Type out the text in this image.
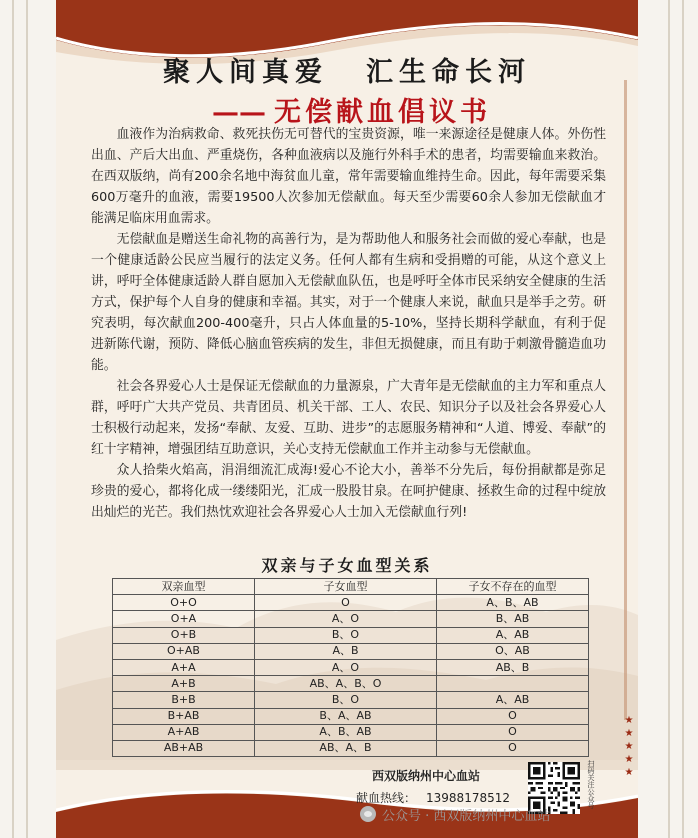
聚人间真爱 汇生命长河
—— 无偿献血倡议书

血液作为治病救命、救死扶伤无可替代的宝贵资源，唯一来源途径是健康人体。外伤性出血、产后大出血、严重烧伤，各种血液病以及施行外科手术的患者，均需要输血来救治。在西双版纳，尚有200余名地中海贫血儿童，常年需要输血维持生命。因此，每年需要采集600万毫升的血液，需要19500人次参加无偿献血。每天至少需要60余人参加无偿献血才能满足临床用血需求。

无偿献血是赠送生命礼物的高善行为，是为帮助他人和服务社会而做的爱心奉献，也是一个健康适龄公民应当履行的法定义务。任何人都有生病和受捐赠的可能，从这个意义上讲，呼吁全体健康适龄人群自愿加入无偿献血队伍，也是呼吁全体市民采纳安全健康的生活方式，保护每个人自身的健康和幸福。其实，对于一个健康人来说，献血只是举手之劳。研究表明，每次献血200-400毫升，只占人体血量的5-10%，坚持长期科学献血，有利于促进新陈代谢，预防、降低心脑血管疾病的发生，非但无损健康，而且有助于刺激骨髓造血功能。

社会各界爱心人士是保证无偿献血的力量源泉，广大青年是无偿献血的主力军和重点人群，呼吁广大共产党员、共青团员、机关干部、工人、农民、知识分子以及社会各界爱心人士积极行动起来，发扬“奉献、友爱、互助、进步”的志愿服务精神和“人道、博爱、奉献”的红十字精神，增强团结互助意识，关心支持无偿献血工作并主动参与无偿献血。

众人拾柴火焰高，涓涓细流汇成海!爱心不论大小，善举不分先后，每份捐献都是弥足珍贵的爱心，都将化成一缕缕阳光，汇成一股股甘泉。在呵护健康、拯救生命的过程中绽放出灿烂的光芒。我们热忱欢迎社会各界爱心人士加入无偿献血行列!

双亲与子女血型关系
双亲血型	子女血型	子女不存在的血型
O+O	O	A、B、AB
O+A	A、O	B、AB
O+B	B、O	A、AB
O+AB	A、B	O、AB
A+A	A、O	AB、B
A+B	AB、A、B、O	
B+B	B、O	A、AB
B+AB	B、A、AB	O
A+AB	A、B、AB	O
AB+AB	AB、A、B	O
西双版纳州中心血站
献血热线： 13988178512	扫码关注公众号
★
★
★
★
★
公众号 · 西双版纳州中心血站
